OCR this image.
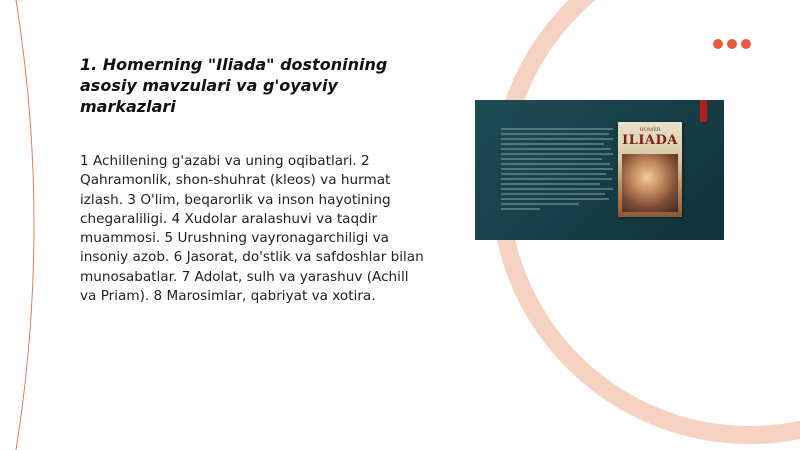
1. Homerning "Iliada" dostonining asosiy mavzulari va g'oyaviy markazlari

1 Achillening g'azabi va uning oqibatlari. 2 Qahramonlik, shon-shuhrat (kleos) va hurmat izlash. 3 O'lim, beqarorlik va inson hayotining chegaraliligi. 4 Xudolar aralashuvi va taqdir muammosi. 5 Urushning vayronagarchiligi va insoniy azob. 6 Jasorat, do'stlik va safdoshlar bilan munosabatlar. 7 Adolat, sulh va yarashuv (Achill va Priam). 8 Marosimlar, qabriyat va xotira.

HOMER
ILIADA
